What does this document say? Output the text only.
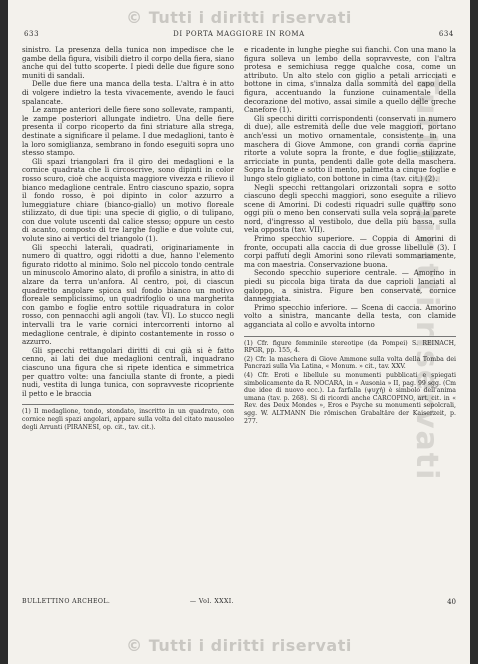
© Tutti i diritti riservati
Tutti i diritti riservati
633	DI PORTA MAGGIORE IN ROMA	634

sinistro. La presenza della tunica non impedisce che le gambe della figura, visibili dietro il corpo della fiera, siano anche qui del tutto scoperte. I piedi delle due figure sono muniti di sandali.

Delle due fiere una manca della testa. L'altra è in atto di volgere indietro la testa vivacemente, avendo le fauci spalancate.

Le zampe anteriori delle fiere sono sollevate, rampanti, le zampe posteriori allungate indietro. Una delle fiere presenta il corpo ricoperto da fini striature alla strega, destinate a significare il pelame. I due medaglioni, tanto è la loro somiglianza, sembrano in fondo eseguiti sopra uno stesso stampo.

Gli spazi triangolari fra il giro dei medaglioni e la cornice quadrata che li circoscrive, sono dipinti in color rosso scuro, cioè che acquista maggiore vivezza e rilievo il bianco medaglione centrale. Entro ciascuno spazio, sopra il fondo rosso, è poi dipinto in color azzurro a lumeggiature chiare (bianco-giallo) un motivo floreale stilizzato, di due tipi: una specie di giglio, o di tulipano, con due volute uscenti dal calice stesso; oppure un cesto di acanto, composto di tre larghe foglie e due volute cui, volute sino ai vertici del triangolo (1).

Gli specchi laterali, quadrati, originariamente in numero di quattro, oggi ridotti a due, hanno l'elemento figurato ridotto al minimo. Solo nel piccolo tondo centrale un minuscolo Amorino alato, di profilo a sinistra, in atto di alzare da terra un'anfora. Al centro, poi, di ciascun quadretto angolare spicca sul fondo bianco un motivo floreale semplicissimo, un quadrifoglio o una margherita con gambo e foglie entro sottile riquadratura in color rosso, con pennacchi agli angoli (tav. VI). Lo stucco negli intervalli tra le varie cornici intercorrenti intorno al medaglione centrale, è dipinto costantemente in rosso o azzurro.

Gli specchi rettangolari diritti di cui già si è fatto cenno, ai lati dei due medaglioni centrali, inquadrano ciascuno una figura che si ripete identica e simmetrica per quattro volte: una fanciulla stante di fronte, a piedi nudi, vestita di lunga tunica, con sopravveste ricopriente il petto e le braccia

(1) Il medaglione, tondo, stondato, inscritto in un quadrato, con cornice negli spazi angolari, appare sulla volta del citato mausoleo degli Arrunti (PIRANESI, op. cit., tav. cit.).

e ricadente in lunghe pieghe sui fianchi. Con una mano la figura solleva un lembo della sopravveste, con l'altra protesa e semichiusa regge qualche cosa, come un attributo. Un alto stelo con giglio a petali arricciati e bottone in cima, s'innalza dalla sommità del capo della figura, accentuando la funzione cuinamentale della decorazione del motivo, assai simile a quello delle greche Canefore (1).

Gli specchi diritti corrispondenti (conservati in numero di due), alle estremità delle due vele maggiori, portano anch'essi un motivo ornamentale, consistente in una maschera di Giove Ammone, con grandi corna caprine ritorte a volute sopra la fronte, e due foglie stilizzate, arricciate in punta, pendenti dalle gote della maschera. Sopra la fronte e sotto il mento, palmetta a cinque foglie e lungo stelo gigliato, con bottone in cima (tav. cit.) (2).

Negli specchi rettangolari orizzontali sopra e sotto ciascuno degli specchi maggiori, sono eseguite a rilievo scene di Amorini. Di codesti riquadri sulle quattro sono oggi più o meno ben conservati sulla vela sopra la parete nord, d'ingresso al vestibolo, due della più bassa, sulla vela opposta (tav. VII).

Primo specchio superiore. — Coppia di Amorini di fronte, occupati alla caccia di due grosse libellule (3). I corpi paffuti degli Amorini sono rilevati sommariamente, ma con maestria. Conservazione buona.

Secondo specchio superiore centrale. — Amorino in piedi su piccola biga tirata da due caprioli lanciati al galoppo, a sinistra. Figure ben conservate, cornice danneggiata.

Primo specchio inferiore. — Scena di caccia. Amorino volto a sinistra, mancante della testa, con clamide agganciata al collo e avvolta intorno

(1) Cfr. figure femminile stereotipe (da Pompei) S. REINACH, RPGR, pp. 155, 4.

(2) Cfr. la maschera di Giove Ammone sulla volta della Tomba dei Pancrazi sulla Via Latina, « Monum. » cit., tav. XXV.

(4) Cfr. Eroti e libellule su monumenti pubblicati e spiegati simbolicamente da R. NOCARA, in « Ausonia » II, pag. 99 sgg. (Cm due idee di nuovo ecc.). La farfalla (ψυχή) è simbolo dell'anima umana (tav. p. 268). Si di ricordi anche CARCOPINO, art. cit. in « Rev. des Deux Mondes », Eros e Psyche su monumenti sepolcrali, sgg. W. ALTMANN Die römischen Grabaltäre der Kaiserzeit, p. 277.

BULLETTINO ARCHEOL.	— Vol. XXXI.	40
© Tutti i diritti riservati
